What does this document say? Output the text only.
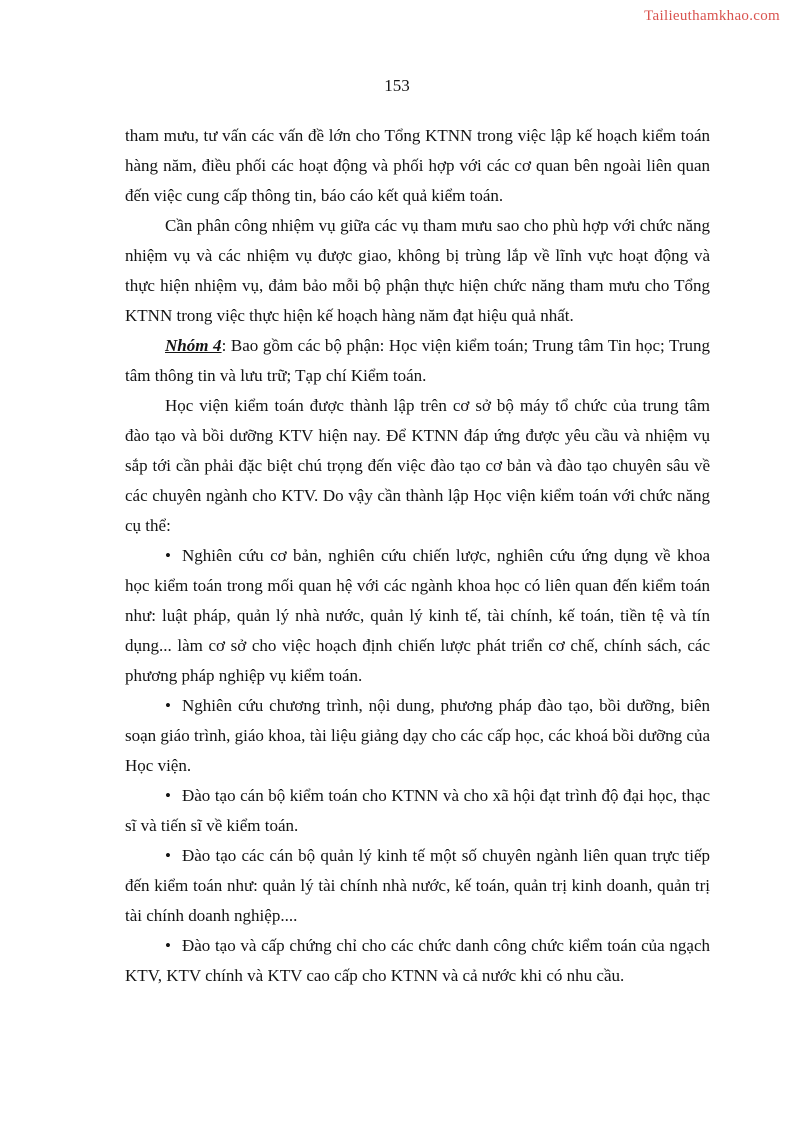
Tailieuthamkhao.com
153

tham mưu, tư vấn các vấn đề lớn cho Tổng KTNN trong việc lập kế hoạch kiểm toán hàng năm, điều phối các hoạt động và phối hợp với các cơ quan bên ngoài liên quan đến việc cung cấp thông tin, báo cáo kết quả kiểm toán.

Cần phân công nhiệm vụ giữa các vụ tham mưu sao cho phù hợp với chức năng nhiệm vụ và các nhiệm vụ được giao, không bị trùng lắp về lĩnh vực hoạt động và thực hiện nhiệm vụ, đảm bảo mỗi bộ phận thực hiện chức năng tham mưu cho Tổng KTNN trong việc thực hiện kế hoạch hàng năm đạt hiệu quả nhất.

Nhóm 4: Bao gồm các bộ phận: Học viện kiểm toán; Trung tâm Tin học; Trung tâm thông tin và lưu trữ; Tạp chí Kiểm toán.

Học viện kiểm toán được thành lập trên cơ sở bộ máy tổ chức của trung tâm đào tạo và bồi dưỡng KTV hiện nay. Để KTNN đáp ứng được yêu cầu và nhiệm vụ sắp tới cần phải đặc biệt chú trọng đến việc đào tạo cơ bản và đào tạo chuyên sâu về các chuyên ngành cho KTV. Do vậy cần thành lập Học viện kiểm toán với chức năng cụ thể:

• Nghiên cứu cơ bản, nghiên cứu chiến lược, nghiên cứu ứng dụng về khoa học kiểm toán trong mối quan hệ với các ngành khoa học có liên quan đến kiểm toán như: luật pháp, quản lý nhà nước, quản lý kinh tế, tài chính, kế toán, tiền tệ và tín dụng... làm cơ sở cho việc hoạch định chiến lược phát triển cơ chế, chính sách, các phương pháp nghiệp vụ kiểm toán.

• Nghiên cứu chương trình, nội dung, phương pháp đào tạo, bồi dưỡng, biên soạn giáo trình, giáo khoa, tài liệu giảng dạy cho các cấp học, các khoá bồi dưỡng của Học viện.

• Đào tạo cán bộ kiểm toán cho KTNN và cho xã hội đạt trình độ đại học, thạc sĩ và tiến sĩ về kiểm toán.

• Đào tạo các cán bộ quản lý kinh tế một số chuyên ngành liên quan trực tiếp đến kiểm toán như: quản lý tài chính nhà nước, kế toán, quản trị kinh doanh, quản trị tài chính doanh nghiệp....

• Đào tạo và cấp chứng chỉ cho các chức danh công chức kiểm toán của ngạch KTV, KTV chính và KTV cao cấp cho KTNN và cả nước khi có nhu cầu.
